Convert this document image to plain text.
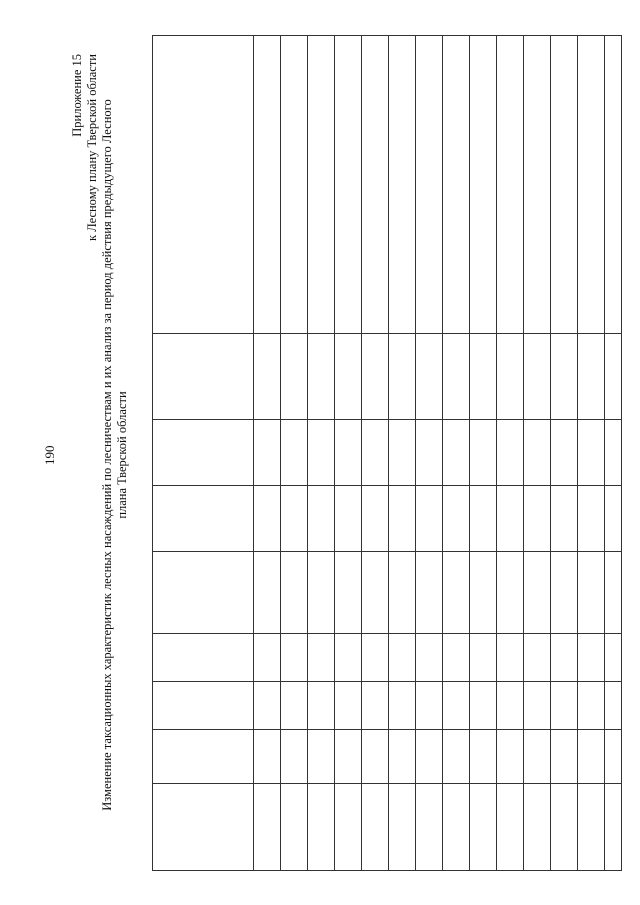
190
Приложение 15 к Лесному плану Тверской области Изменение таксационных характеристик лесных насаждений по лесничествам и их анализ за период действия предыдущего Лесного плана Тверской области
